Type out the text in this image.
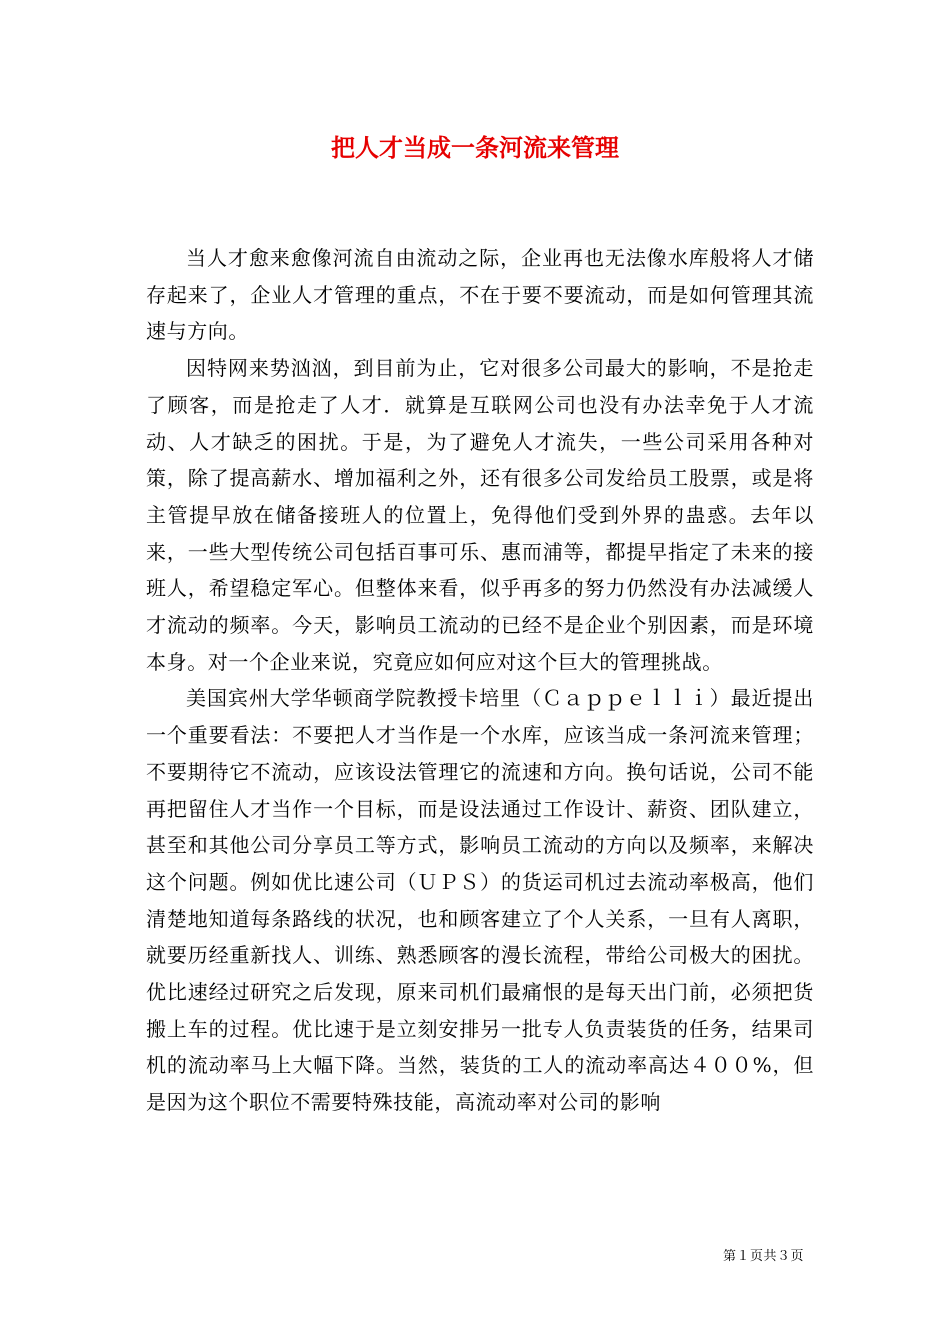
把人才当成一条河流来管理

当人才愈来愈像河流自由流动之际，企业再也无法像水库般将人才储存起来了，企业人才管理的重点，不在于要不要流动，而是如何管理其流速与方向。

因特网来势汹汹，到目前为止，它对很多公司最大的影响，不是抢走了顾客，而是抢走了人才．就算是互联网公司也没有办法幸免于人才流动、人才缺乏的困扰。于是，为了避免人才流失，一些公司采用各种对策，除了提高薪水、增加福利之外，还有很多公司发给员工股票，或是将主管提早放在储备接班人的位置上，免得他们受到外界的蛊惑。去年以来，一些大型传统公司包括百事可乐、惠而浦等，都提早指定了未来的接班人，希望稳定军心。但整体来看，似乎再多的努力仍然没有办法减缓人才流动的频率。今天，影响员工流动的已经不是企业个别因素，而是环境本身。对一个企业来说，究竟应如何应对这个巨大的管理挑战。

美国宾州大学华顿商学院教授卡培里（Ｃａｐｐｅｌｌｉ）最近提出一个重要看法：不要把人才当作是一个水库，应该当成一条河流来管理；不要期待它不流动，应该设法管理它的流速和方向。换句话说，公司不能再把留住人才当作一个目标，而是设法通过工作设计、薪资、团队建立，甚至和其他公司分享员工等方式，影响员工流动的方向以及频率，来解决这个问题。例如优比速公司（ＵＰＳ）的货运司机过去流动率极高，他们清楚地知道每条路线的状况，也和顾客建立了个人关系，一旦有人离职，就要历经重新找人、训练、熟悉顾客的漫长流程，带给公司极大的困扰。优比速经过研究之后发现，原来司机们最痛恨的是每天出门前，必须把货搬上车的过程。优比速于是立刻安排另一批专人负责装货的任务，结果司机的流动率马上大幅下降。当然，装货的工人的流动率高达４００%，但是因为这个职位不需要特殊技能，高流动率对公司的影响

第１页共３页
